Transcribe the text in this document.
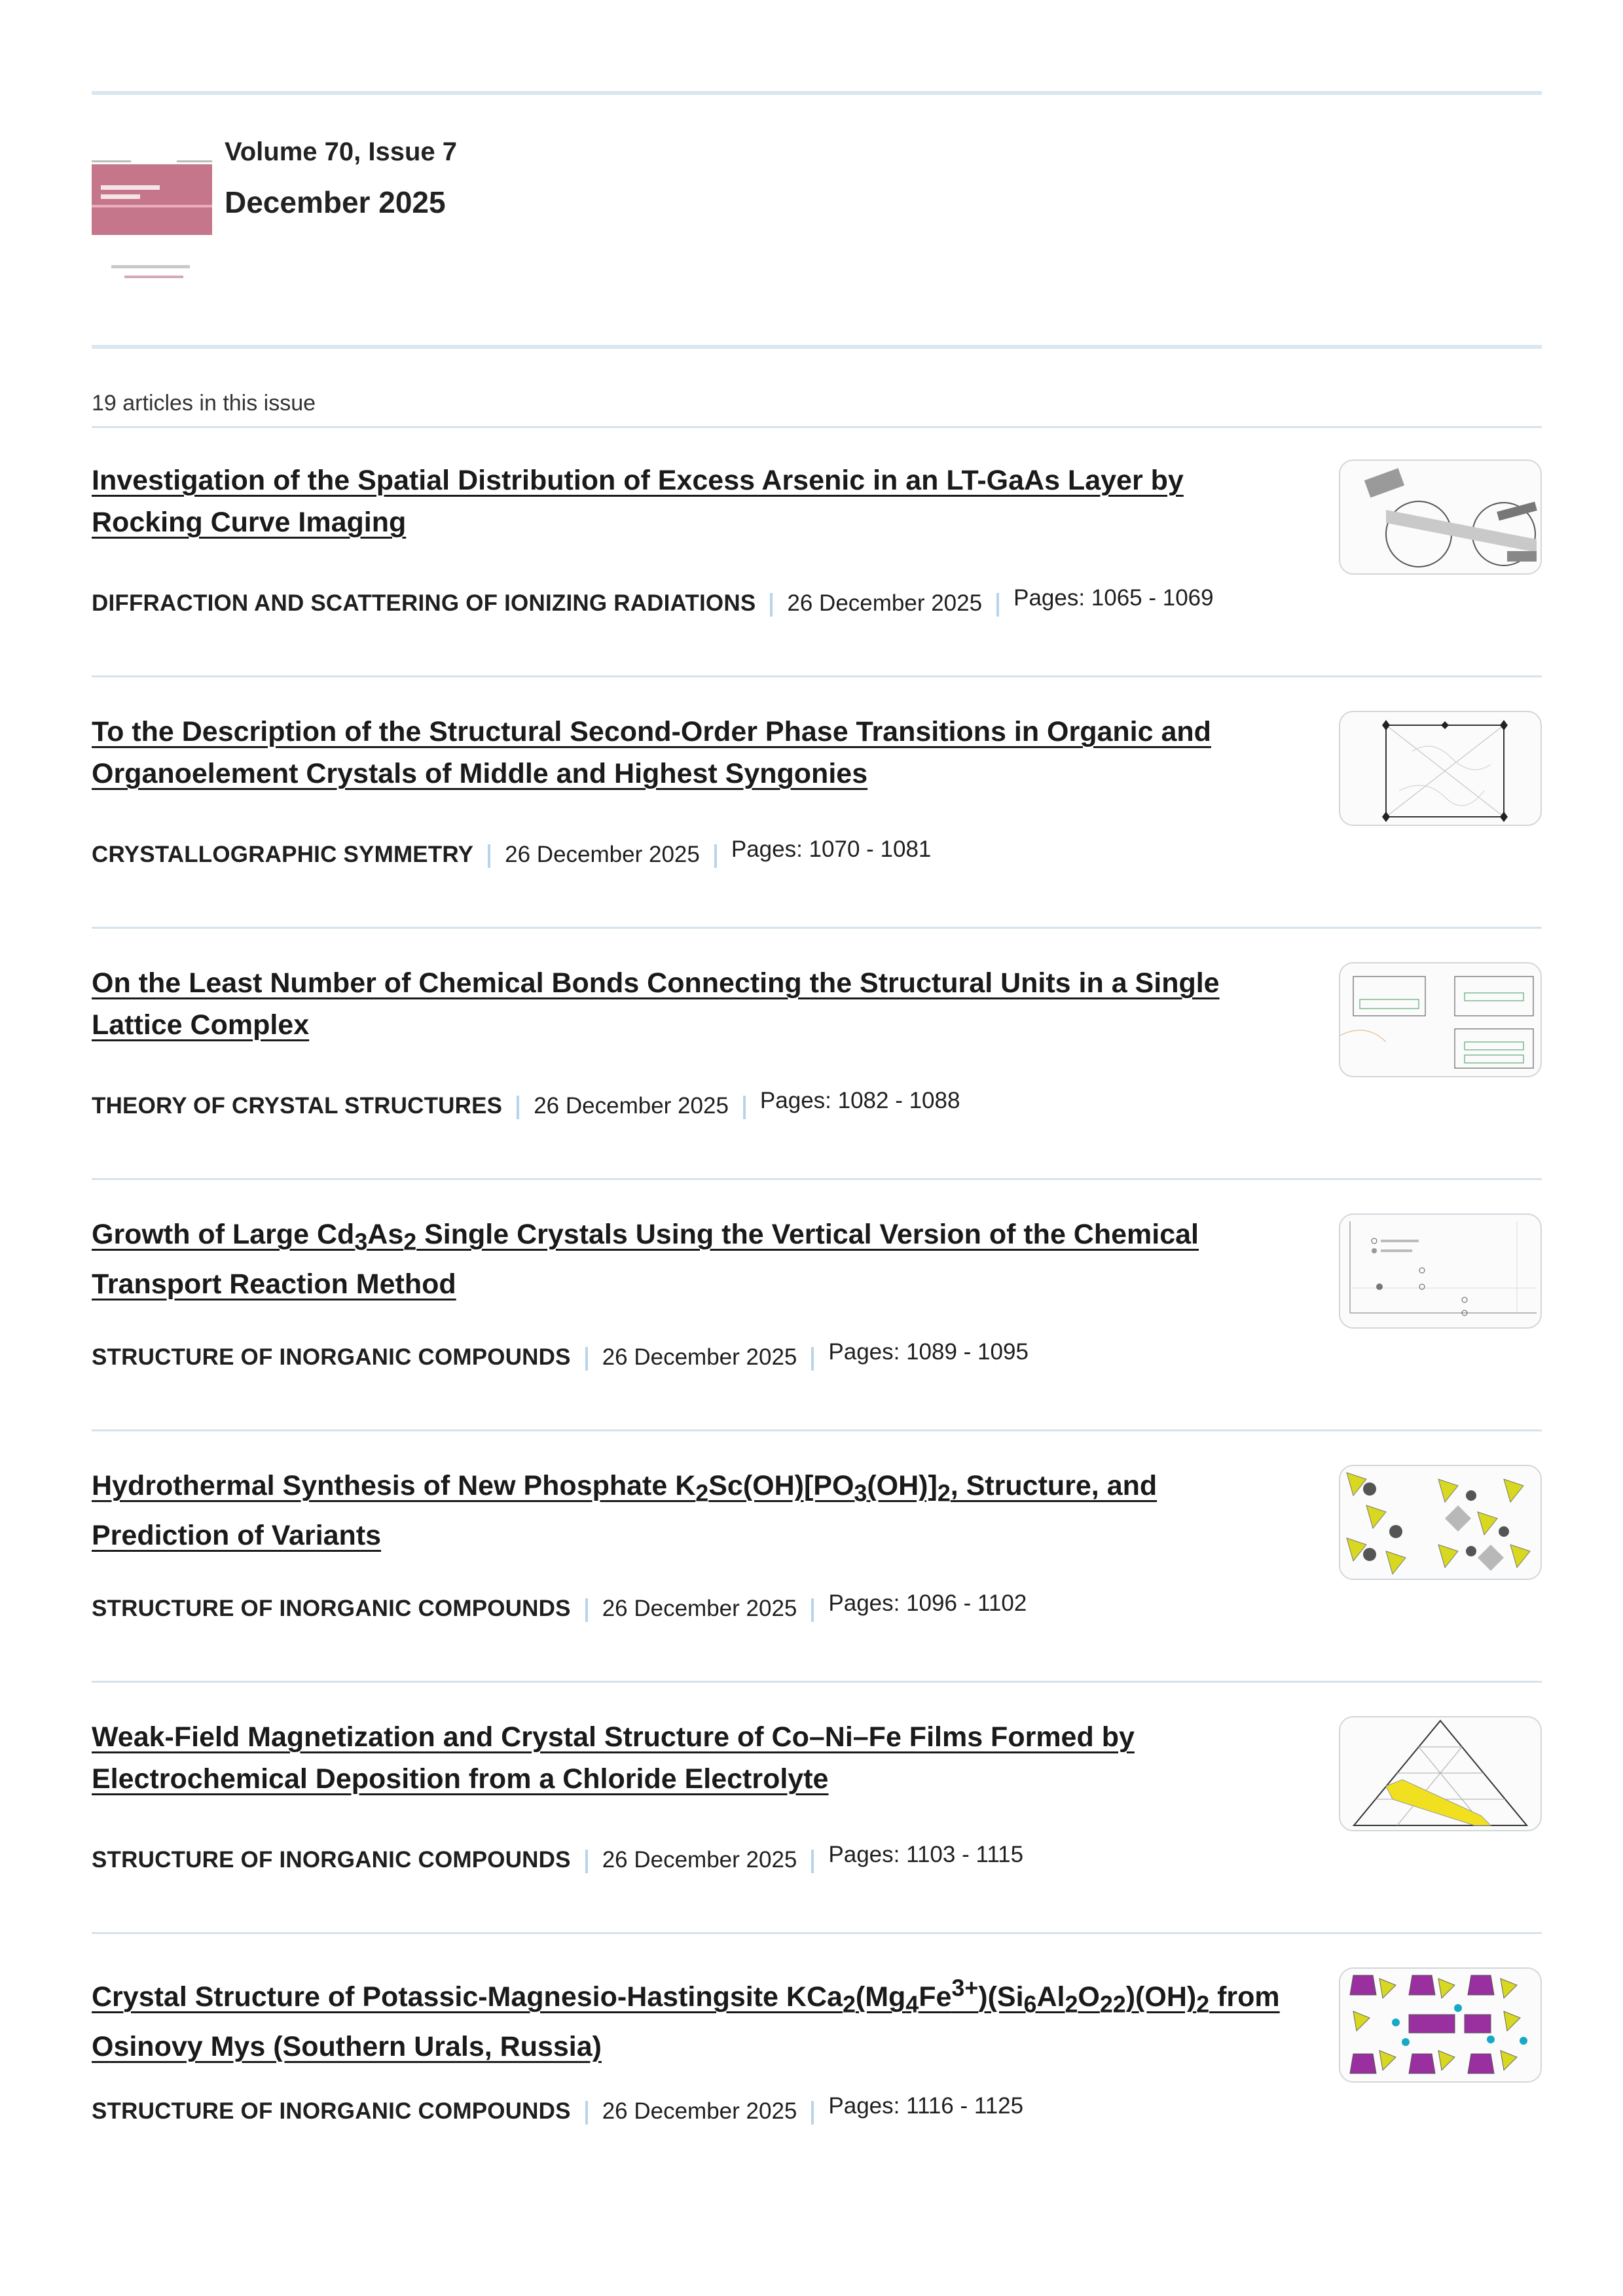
Volume 70, Issue 7
December 2025
19 articles in this issue
Investigation of the Spatial Distribution of Excess Arsenic in an LT-GaAs Layer by Rocking Curve Imaging
DIFFRACTION AND SCATTERING OF IONIZING RADIATIONS 26 December 2025 Pages: 1065 - 1069
To the Description of the Structural Second-Order Phase Transitions in Organic and Organoelement Crystals of Middle and Highest Syngonies
CRYSTALLOGRAPHIC SYMMETRY 26 December 2025 Pages: 1070 - 1081
On the Least Number of Chemical Bonds Connecting the Structural Units in a Single Lattice Complex
THEORY OF CRYSTAL STRUCTURES 26 December 2025 Pages: 1082 - 1088
Growth of Large $Cd_3As_2$ Single Crystals Using the Vertical Version of the Chemical Transport Reaction Method
STRUCTURE OF INORGANIC COMPOUNDS 26 December 2025 Pages: 1089 - 1095
Hydrothermal Synthesis of New Phosphate $K_2Sc(OH)[PO_3(OH)]_2$, Structure, and Prediction of Variants
STRUCTURE OF INORGANIC COMPOUNDS 26 December 2025 Pages: 1096 - 1102
Weak-Field Magnetization and Crystal Structure of Co–Ni–Fe Films Formed by Electrochemical Deposition from a Chloride Electrolyte
STRUCTURE OF INORGANIC COMPOUNDS 26 December 2025 Pages: 1103 - 1115
Crystal Structure of Potassic-Magnesio-Hastingsite $KCa_2(Mg_4Fe^{3+})(Si_6Al_2O_{22})(OH)_2$ from Osinovy Mys (Southern Urals, Russia)
STRUCTURE OF INORGANIC COMPOUNDS 26 December 2025 Pages: 1116 - 1125
